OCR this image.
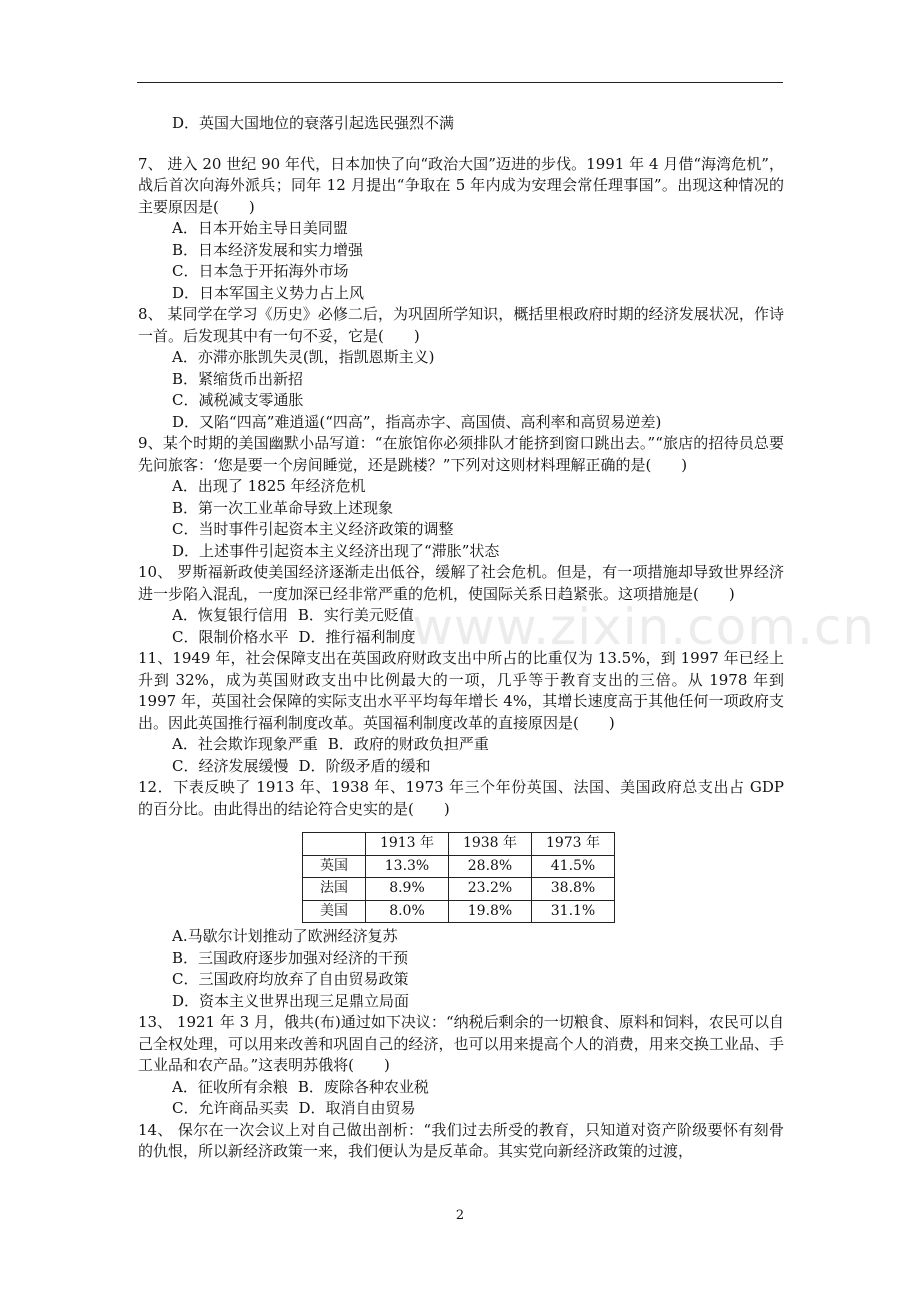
www.zixin.com.cn
D．英国大国地位的衰落引起选民强烈不满
7、 进入 20 世纪 90 年代，日本加快了向“政治大国”迈进的步伐。1991 年 4 月借“海湾危机”，战后首次向海外派兵；同年 12 月提出“争取在 5 年内成为安理会常任理事国”。出现这种情况的主要原因是(　　)
A．日本开始主导日美同盟
B．日本经济发展和实力增强
C．日本急于开拓海外市场
D．日本军国主义势力占上风
8、 某同学在学习《历史》必修二后，为巩固所学知识，概括里根政府时期的经济发展状况，作诗一首。后发现其中有一句不妥，它是(　　)
A．亦滞亦胀凯失灵(凯，指凯恩斯主义)
B．紧缩货币出新招
C．减税减支零通胀
D．又陷“四高”难逍遥(“四高”，指高赤字、高国债、高利率和高贸易逆差)
9、某个时期的美国幽默小品写道：“在旅馆你必须排队才能挤到窗口跳出去。”“旅店的招待员总要先问旅客：‘您是要一个房间睡觉，还是跳楼？”下列对这则材料理解正确的是(　　)
A．出现了 1825 年经济危机
B．第一次工业革命导致上述现象
C．当时事件引起资本主义经济政策的调整
D．上述事件引起资本主义经济出现了“滞胀”状态
10、 罗斯福新政使美国经济逐渐走出低谷，缓解了社会危机。但是，有一项措施却导致世界经济进一步陷入混乱，一度加深已经非常严重的危机，使国际关系日趋紧张。这项措施是(　　)
A．恢复银行信用 B．实行美元贬值
C．限制价格水平 D．推行福利制度
11、1949 年，社会保障支出在英国政府财政支出中所占的比重仅为 13.5%，到 1997 年已经上升到 32%，成为英国财政支出中比例最大的一项，几乎等于教育支出的三倍。从 1978 年到 1997 年，英国社会保障的实际支出水平平均每年增长 4%，其增长速度高于其他任何一项政府支出。因此英国推行福利制度改革。英国福利制度改革的直接原因是(　　)
A．社会欺诈现象严重 B．政府的财政负担严重
C．经济发展缓慢 D．阶级矛盾的缓和
12．下表反映了 1913 年、1938 年、1973 年三个年份英国、法国、美国政府总支出占 GDP 的百分比。由此得出的结论符合史实的是(　　)
	1913 年	1938 年	1973 年
英国	13.3%	28.8%	41.5%
法国	8.9%	23.2%	38.8%
美国	8.0%	19.8%	31.1%
A.马歇尔计划推动了欧洲经济复苏
B．三国政府逐步加强对经济的干预
C．三国政府均放弃了自由贸易政策
D．资本主义世界出现三足鼎立局面
13、 1921 年 3 月，俄共(布)通过如下决议：“纳税后剩余的一切粮食、原料和饲料，农民可以自己全权处理，可以用来改善和巩固自己的经济，也可以用来提高个人的消费，用来交换工业品、手工业品和农产品。”这表明苏俄将(　　)
A．征收所有余粮 B．废除各种农业税
C．允许商品买卖 D．取消自由贸易
14、 保尔在一次会议上对自己做出剖析：“我们过去所受的教育，只知道对资产阶级要怀有刻骨的仇恨，所以新经济政策一来，我们便认为是反革命。其实党向新经济政策的过渡，
2
